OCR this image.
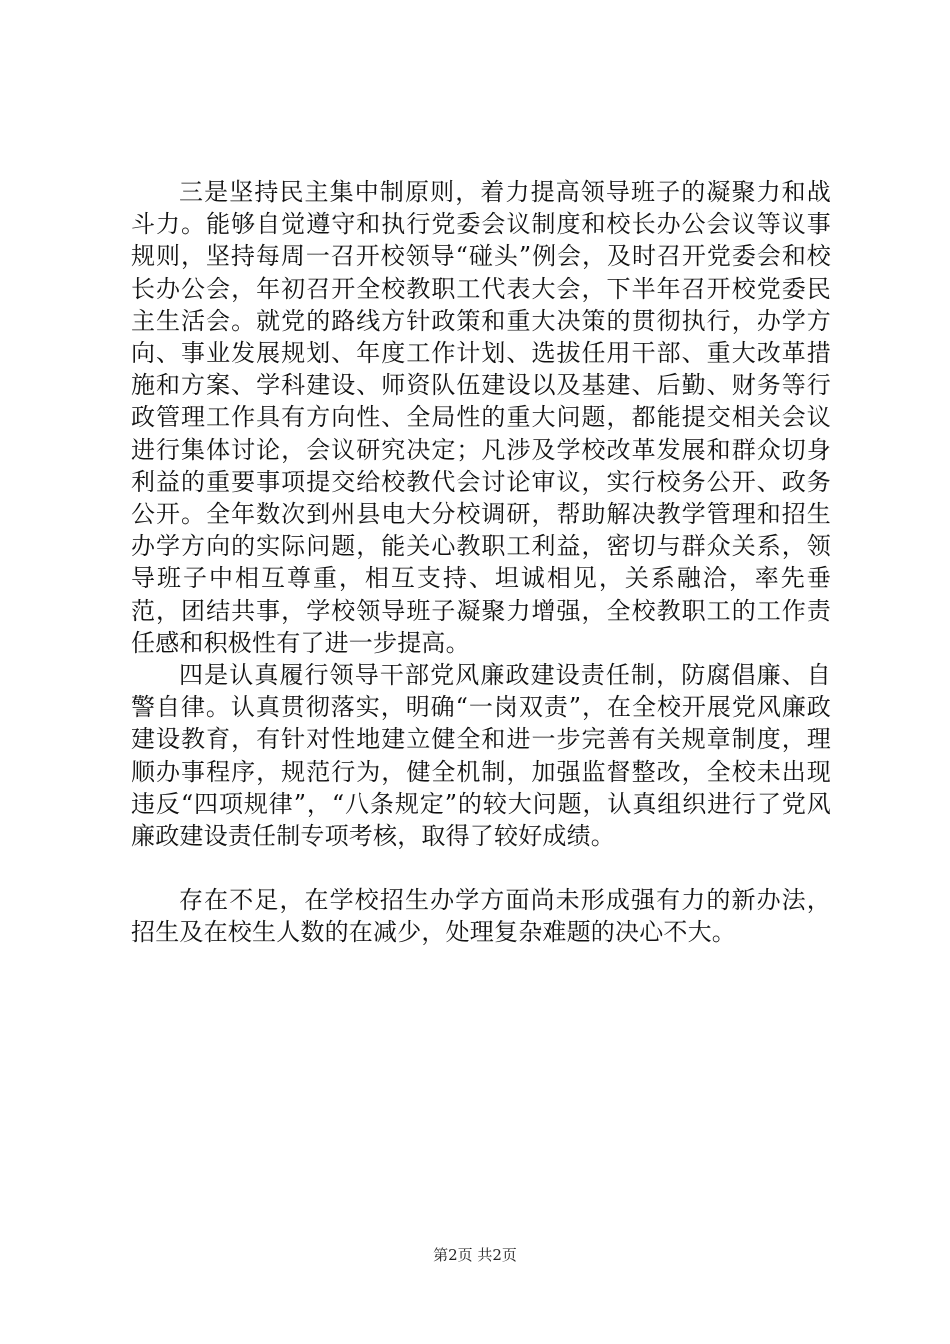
三是坚持民主集中制原则，着力提高领导班子的凝聚力和战斗力。能够自觉遵守和执行党委会议制度和校长办公会议等议事规则，坚持每周一召开校领导“碰头”例会，及时召开党委会和校长办公会，年初召开全校教职工代表大会，下半年召开校党委民主生活会。就党的路线方针政策和重大决策的贯彻执行，办学方向、事业发展规划、年度工作计划、选拔任用干部、重大改革措施和方案、学科建设、师资队伍建设以及基建、后勤、财务等行政管理工作具有方向性、全局性的重大问题，都能提交相关会议进行集体讨论，会议研究决定；凡涉及学校改革发展和群众切身利益的重要事项提交给校教代会讨论审议，实行校务公开、政务公开。全年数次到州县电大分校调研，帮助解决教学管理和招生办学方向的实际问题，能关心教职工利益，密切与群众关系，领导班子中相互尊重，相互支持、坦诚相见，关系融洽，率先垂范，团结共事，学校领导班子凝聚力增强，全校教职工的工作责任感和积极性有了进一步提高。

四是认真履行领导干部党风廉政建设责任制，防腐倡廉、自警自律。认真贯彻落实，明确“一岗双责”，在全校开展党风廉政建设教育，有针对性地建立健全和进一步完善有关规章制度，理顺办事程序，规范行为，健全机制，加强监督整改，全校未出现违反“四项规律”，“八条规定”的较大问题，认真组织进行了党风廉政建设责任制专项考核，取得了较好成绩。

存在不足，在学校招生办学方面尚未形成强有力的新办法，招生及在校生人数的在减少，处理复杂难题的决心不大。

第2页 共2页
